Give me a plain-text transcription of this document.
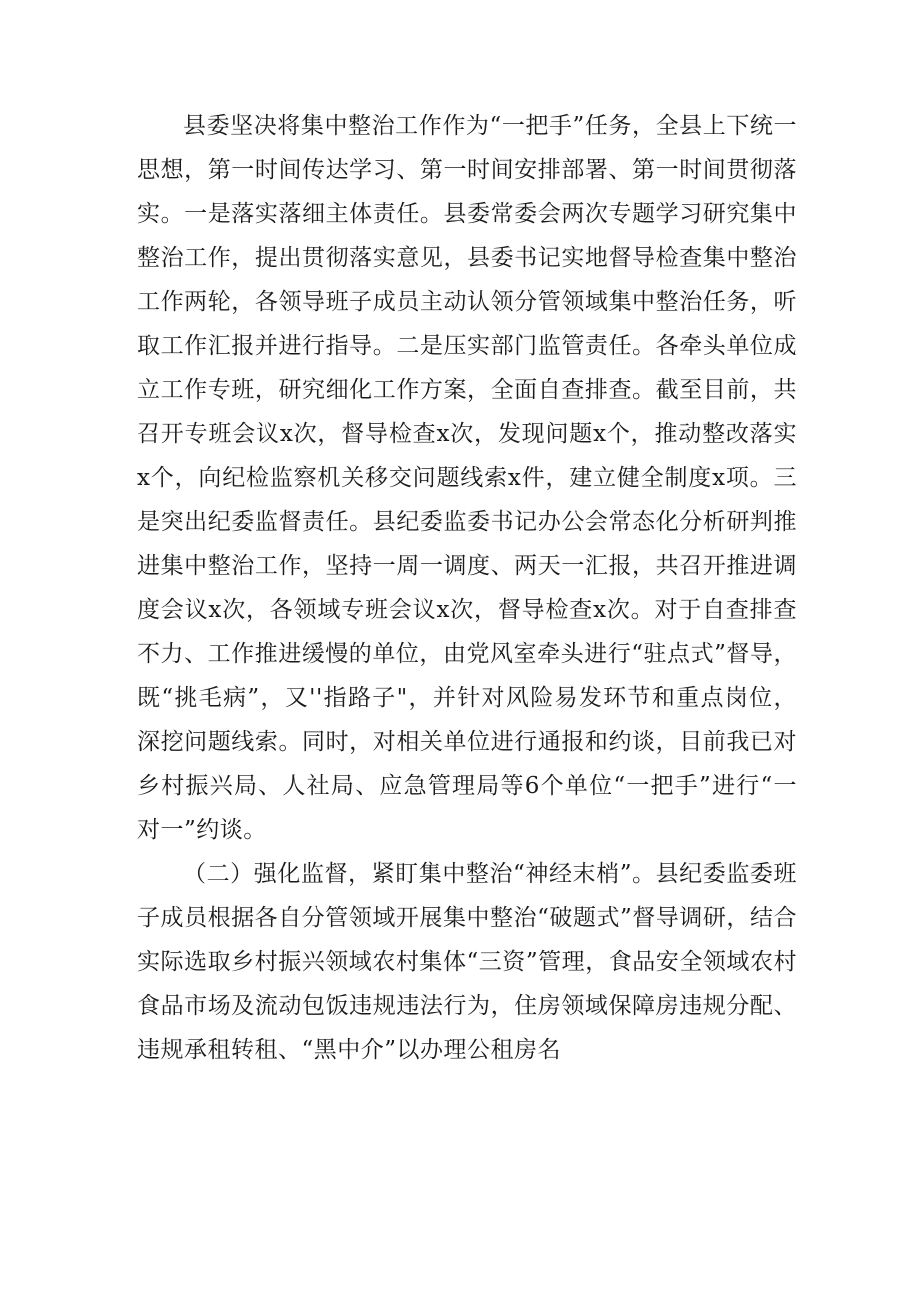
县委坚决将集中整治工作作为“一把手”任务，全县上下统一思想，第一时间传达学习、第一时间安排部署、第一时间贯彻落实。一是落实落细主体责任。县委常委会两次专题学习研究集中整治工作，提出贯彻落实意见，县委书记实地督导检查集中整治工作两轮，各领导班子成员主动认领分管领域集中整治任务，听取工作汇报并进行指导。二是压实部门监管责任。各牵头单位成立工作专班，研究细化工作方案，全面自查排查。截至目前，共召开专班会议x次，督导检查x次，发现问题x个，推动整改落实x个，向纪检监察机关移交问题线索x件，建立健全制度x项。三是突出纪委监督责任。县纪委监委书记办公会常态化分析研判推进集中整治工作，坚持一周一调度、两天一汇报，共召开推进调度会议x次，各领域专班会议x次，督导检查x次。对于自查排查不力、工作推进缓慢的单位，由党风室牵头进行“驻点式”督导，既“挑毛病”，又''指路子"，并针对风险易发环节和重点岗位，深挖问题线索。同时，对相关单位进行通报和约谈，目前我已对乡村振兴局、人社局、应急管理局等6个单位“一把手”进行“一对一”约谈。

（二）强化监督，紧盯集中整治“神经末梢”。县纪委监委班子成员根据各自分管领域开展集中整治“破题式”督导调研，结合实际选取乡村振兴领域农村集体“三资”管理，食品安全领域农村食品市场及流动包饭违规违法行为，住房领域保障房违规分配、违规承租转租、“黑中介”以办理公租房名
